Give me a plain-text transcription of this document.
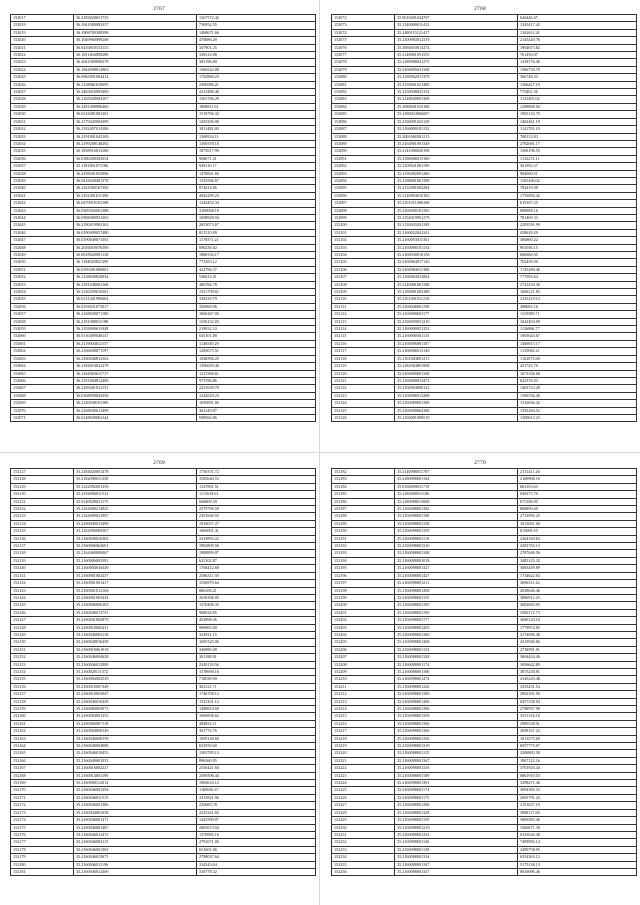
2767
152017	36.2183020651735	1367572.42
152018	36.1941000093357	730952.55
152019	36.1908709388398	1468671.66
152020	36.1049960099268	470686.20
152021	36.0416810153153	347901.25
152022	36.1811404009289	338314.88
152023	36.2041009009278	385196.80
152024	36.1844098012963	1366542.08
152025	36.0945091064414	1792869.23
152026	36.2138061610695	2496986.21
152027	36.2465016903409	2413486.40
152028	36.2165028004107	1301766.29
152029	36.2491409906460	1868811.61
152030	36.0218481081301	1519796.32
152031	36.2179420094399	1455296.00
152032	36.2182407014186	1811482.80
152033	36.2191801043169	1360934.11
152034	36.2199208148292	1369378.10
152035	36.1838916014180	1875617.99
152036	36.0180200304354	968671.41
152037	35.1181001071186	928110.17
152038	36.2198301052096	1478841.69
152039	36.0416030481378	1335596.67
152040	36.2161000167392	874414.86
152041	36.2102491611396	2042299.23
152042	36.0470019103188	1342452.34
152043	36.0309302061388	3160068.18
152044	36.0308400921263	1698928.94
152045	36.2190419902162	2653073.67
152046	36.0190009057480	821510.89
152047	36.0190049071301	1178371.21
152048	36.2016010076389	690236.02
152049	36.0018020081138	1880332.17
152050	36.1184020821399	773283.12
152051	36.0199301080801	424796.37
152052	36.2138040820834	546614.41
152053	36.2181048061168	486766.78
152054	36.2140209610361	1521709.61
152055	36.0131401989404	338329.79
152056	36.0194031073017	350960.96
152057	36.2168049071180	1066267.00
152058	36.2191088011188	1356132.03
152059	36.2193000611048	219032.33
152060	36.0130409048147	645101.88
152061	36.2119004612157	1146549.29
152062	36.2166049071197	1283675.51
152063	36.2160046814162	1048506.25
152064	36.2184010632278	1396659.40
152065	36.2164003611717	1213366.61
152066	36.2191004812408	975196.86
152067	36.2169401012151	2251639.79
152068	36.0168058043358	1242629.23
152069	36.2140038101180	1050691.06
152070	36.2168040613499	362349.87
152071	36.0148049062144	698566.86
2768
152072	35.9018401044707	626446.47
152073	35.2140000011413	1345417.42
152074	35.2480115121417	1362612.41
152075	35.2100903012319	2145420.76
152076	35.3694010013274	1964673.82
152077	35.2148001051555	761450.07
152078	35.2189008041275	1418176.40
152079	35.2160005031168	1566735.70
152080	35.2180902017470	366748.33
152081	35.2159601021480	1366427.19
152082	35.2150048023152	775461.36
152083	35.2148040001308	1122405.02
152084	35.2080041033188	1298806.94
152085	35.2180024066007	1965135.75
152086	35.2160091022128	1462461.19
152087	35.2160009181152	1141705.10
152088	35.2001060301215	780133.83
152089	35.2164901001349	2782681.17
152090	35.2141000020198	1306196.55
152091	35.2188066015100	1132272.11
152092	35.2100041001199	361992.27
152093	35.2190402091260	984000.51
152094	35.2188001001398	1165436.02
152095	35.2152091002284	782419.08
152096	35.2140064010183	1753894.42
152097	35.2161011006168	619167.25
152098	35.2160000101185	868998.16
152099	35.2192019901279	781469.33
152100	35.2130043201109	2295591.99
152101	35.2160052041241	458629.29
152102	35.2160053011361	306860.22
152103	35.2160098101134	901036.15
152104	35.2160030010156	686666.05
152105	35.2160064017120	762439.06
152106	35.2160084011390	1745280.46
152107	35.2160064021004	777095.64
152108	35.2140001001188	2741430.36
152109	35.2180081004188	1666121.83
152110	35.2161001011218	2235219.12
152111	35.2160046001198	498665.16
152112	35.2160000601177	1119509.71
152113	35.2160050051210	1042403.00
152114	35.2160000051352	1126866.77
152115	35.2160000361135	1063643.67
152116	35.2160006081187	1406813.17
152117	35.2160006013140	1135684.21
152118	35.2161004001213	1162073.68
152119	35.2182004801908	421743.76
152120	35.2160000801168	1673336.68
152121	35.2160000013472	622376.03
152122	35.2160004000122	1463723.28
152123	35.2160006013208	1396556.40
152124	35.2160000001189	1316036.42
152125	35.2160000064188	1392284.52
152126	35.2160001008519	1300613.23
2769
152127	35.2184020001478	1756701.72
152128	35.2182098011358	1582640.53
152129	35.2142092001359	1327861.51
152130	35.2194006011512	1115618.61
152131	35.0140028021175	666809.39
152132	35.2164009214025	2379796.59
152133	35.2164009021997	2391946.55
152134	35.2160049013499	1916057.27
152135	35.2162006009367	1665001.41
152136	35.2160049016302	2419893.22
152137	35.2160006062601	1982809.56
152138	35.2164460009467	1908899.07
152139	35.2160006003381	625102.87
152140	35.2160004016349	1768412.68
152141	35.2160001002437	2586311.39
152142	35.2160001001417	1536979.64
152143	35.2160001012104	866106.21
152144	35.2160001003434	2639396.05
152145	35.2160006006103	1370406.35
152146	35.2160049013751	908034.85
152147	35.2160041802879	452898.46
152148	35.2160010002431	996865.80
152149	35.2160040002118	324931.15
152150	35.2160048016458	1695325.06
152151	35.2160019061018	346989.49
152152	35.2160046004628	301188.81
152153	35.2160046012989	2349119.56
152154	35.2160020111372	1378690.16
152155	35.2160004002539	718028.90
152156	35.2160010007349	363121.71
152157	35.2160010003047	1746708.12
152158	35.2160040010439	1525161.12
152159	35.2160069003973	1498810.69
152160	35.2160004001353	1600836.62
152161	35.2160066007119	384834.11
152162	35.2160004000149	361774.76
152163	35.2160040000139	1959148.60
152164	35.2160048004088	652939.60
152165	35.2160046010453	1583785.13
152166	35.2160049001053	896360.05
152167	35.2160016002227	2356421.84
152168	35.2160014001199	2569396.44
152169	35.2160000112014	1965616.12
152170	35.2160046001294	1160036.47
152171	35.2160046011515	2415821.96
152172	35.2160046001386	229683.78
152173	35.2160044001038	2225341.65
152174	35.2160040001471	1425599.07
152175	35.2160046001487	2681673.04
152176	35.2160046012472	1370985.16
152177	35.2160046003115	2791671.00
152178	35.2160046001302	651601.66
152179	35.2160046012671	2798037.64
152180	35.2160046011196	334543.64
152181	35.2160046012406	316778.32
2770
152182	35.2140098011707	2151411.26
152183	35.2180098001164	2169908.16
152184	35.0160009011719	663103.63
152185	35.2184000011106	846573.70
152186	35.2180098013068	675106.95
152187	35.2160098001382	868890.49
152188	35.2160098001198	2713995.25
152189	35.2160098001158	1613681.06
152190	35.2160098001359	615606.55
152191	35.2160098001119	2264169.63
152192	35.2160098001316	4283763.13
152193	35.2160098001348	2787646.56
152194	35.2160098001018	3485125.32
152195	35.2160098001327	3683459.89
152196	35.2160098001427	1734622.63
152197	35.2160098001211	3696311.42
152198	35.2160098001458	4028646.46
152199	35.2160098001155	3896912.23
152200	35.2160098001195	3682693.93
152201	35.2160098001199	3560172.73
152202	35.2160098001177	3686120.10
152203	35.2160098001205	1779974.85
152204	35.2160098001360	4174096.40
152205	35.2160098001268	4313946.66
152206	35.2160098001154	2738591.91
152207	35.2160098001328	3604424.46
152208	35.2160098001174	3096642.89
152209	35.2160098001186	3875230.81
152210	35.2160098001474	4145220.48
152211	35.2160098001226	3353431.54
152212	35.2160098001390	2962501.90
152213	35.2160098001206	6357238.94
152214	35.2160098001396	2798957.98
152215	35.2160098001359	3551316.18
152216	35.2160098001306	2980538.91
152217	35.2160098001306	2698167.22
152218	35.2160098001356	1613575.60
152219	35.2160098001319	6957775.07
152220	35.2160098001115	2306883.58
152221	35.2160098001367	1967122.16
152222	35.2160098001316	3701920.44
152223	35.2160098001189	6861910.53
152224	35.2160098001391	3298271.46
152225	35.2160098001174	3094385.33
152226	35.2160098001175	2605791.24
152227	35.2160098001296	2191027.19
152228	35.2160098001328	3988117.60
152229	35.2160098001159	3969383.46
152230	35.2160098001219	1560671.39
152231	35.2160098001232	6343626.48
152232	35.2160098001146	7409982.14
152233	35.2160098001138	2409758.95
152234	35.2160098001334	6354363.12
152235	35.2160098001167	5175138.13
152236	35.2160098001347	6016096.46
